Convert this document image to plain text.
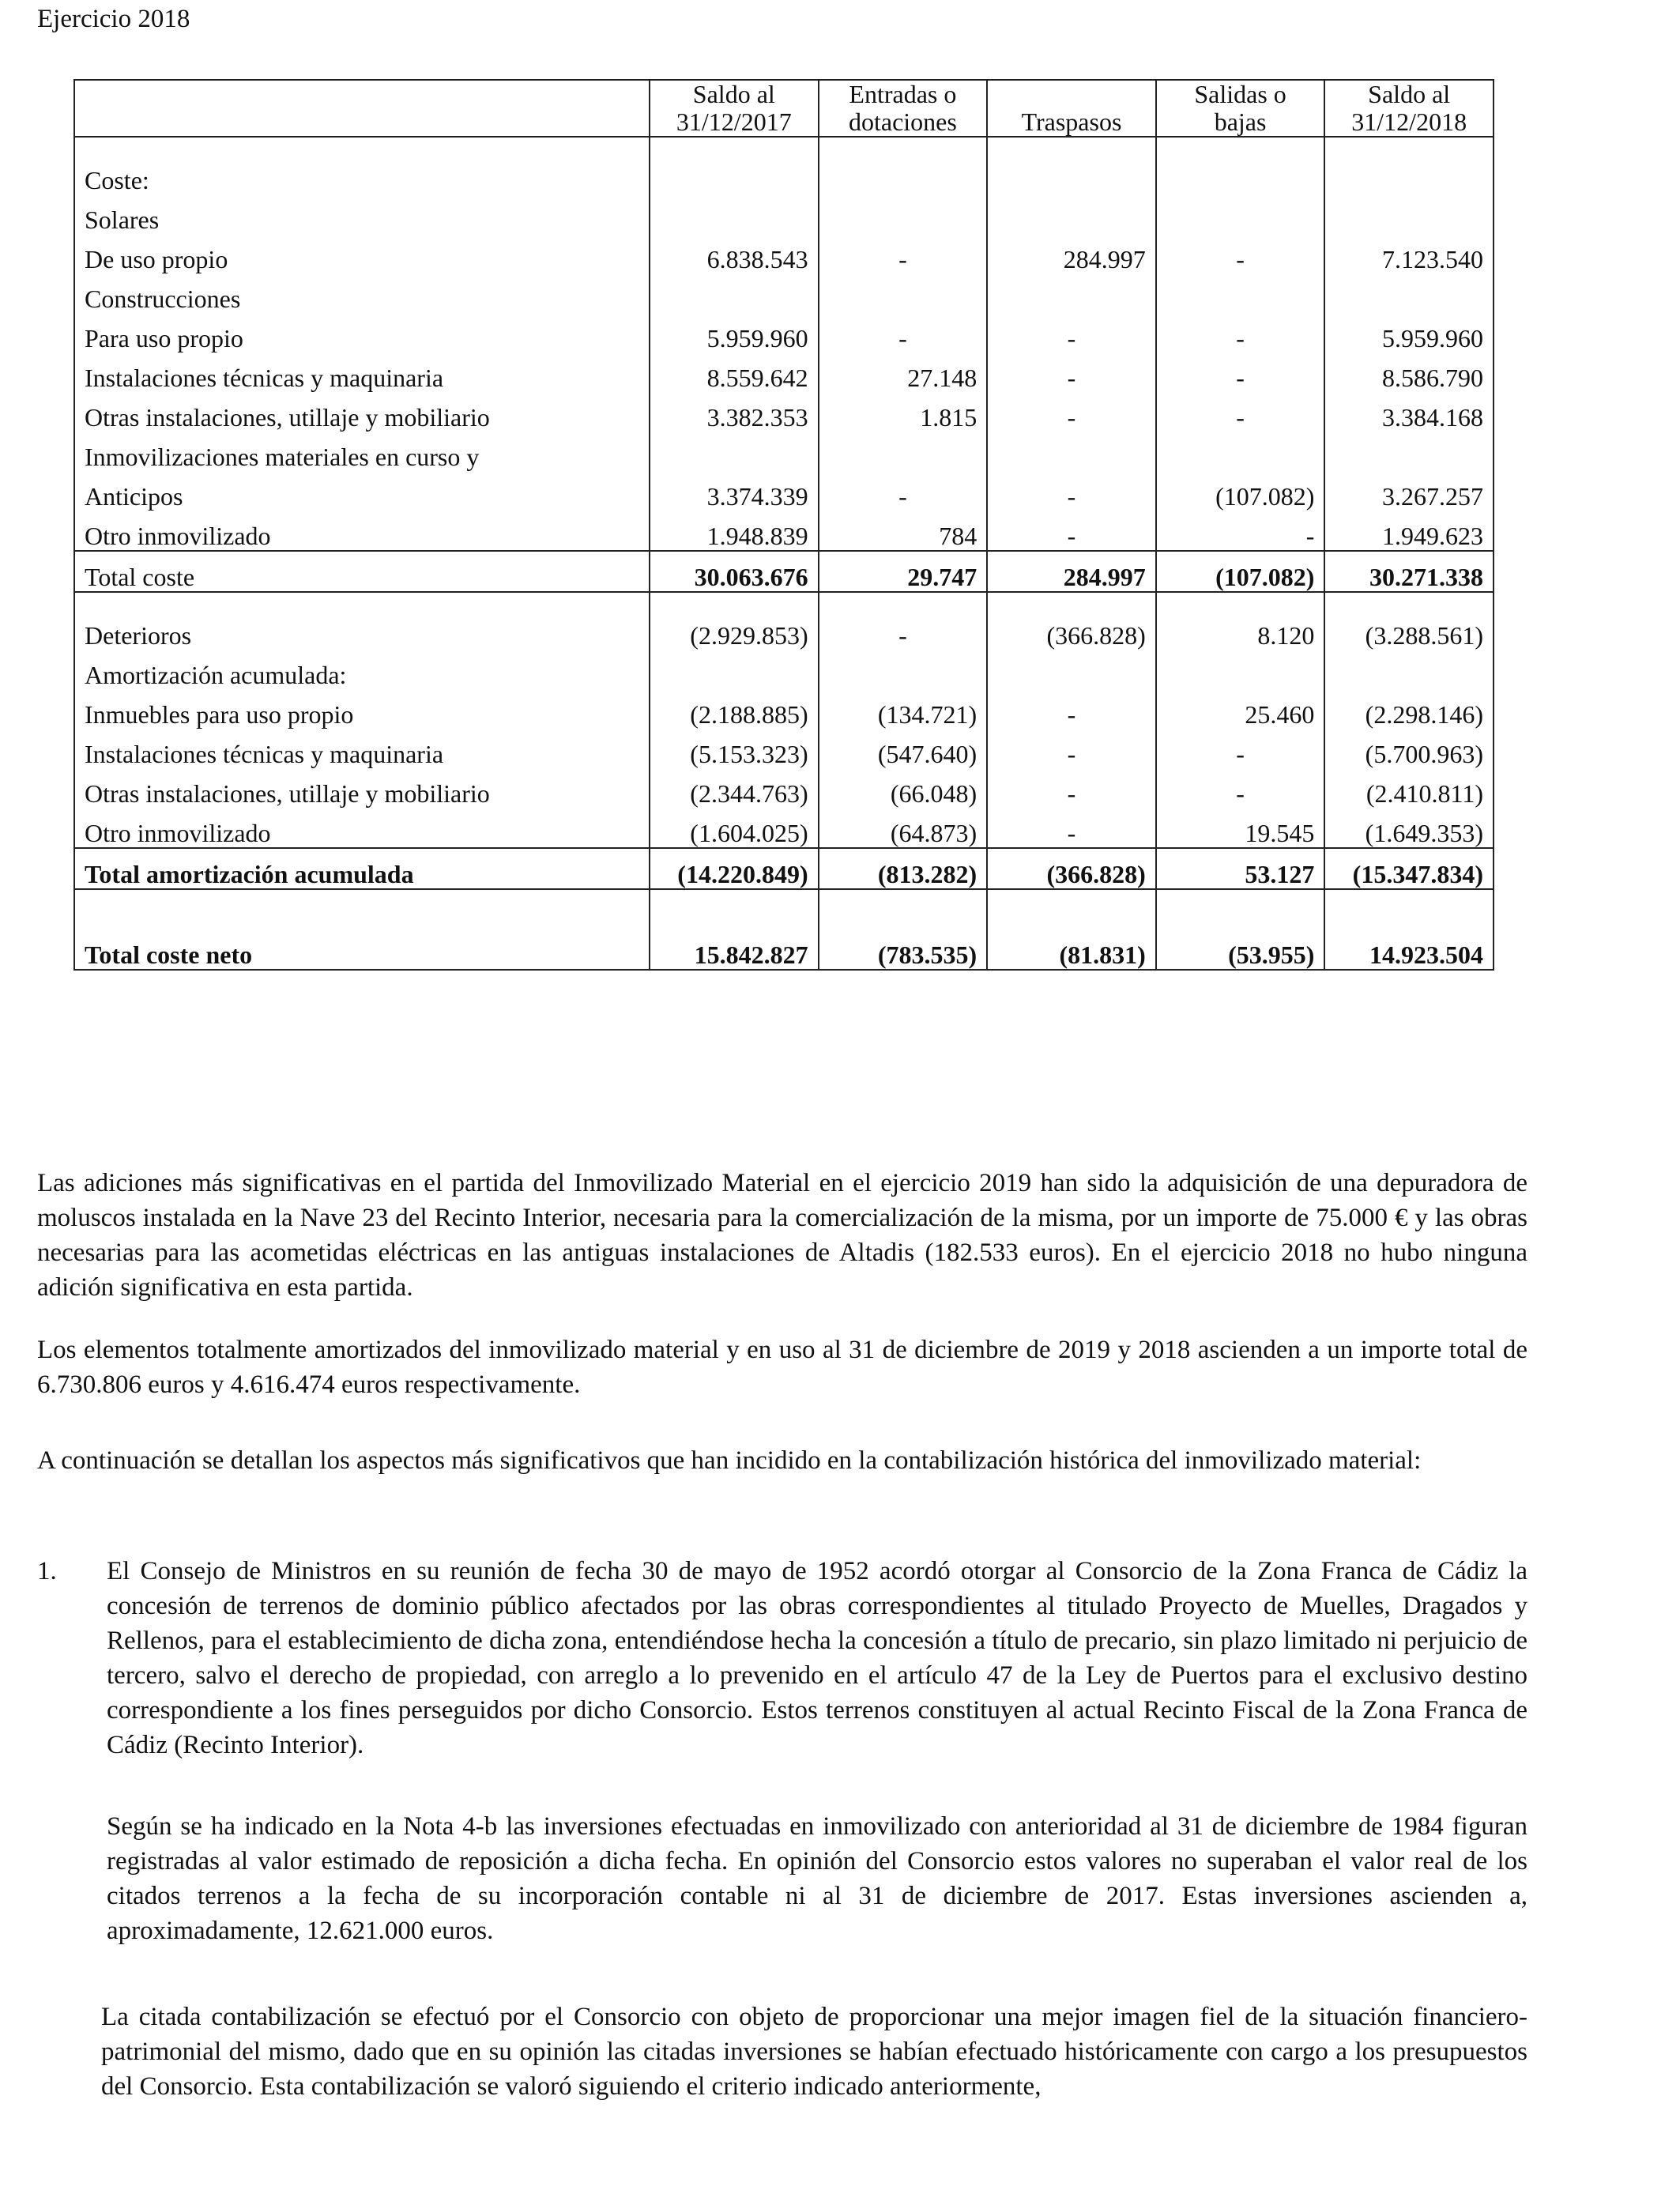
Ejercicio 2018
	Saldo al 31/12/2017	Entradas o dotaciones	Traspasos	Salidas o bajas	Saldo al 31/12/2018

Coste:					
Solares					
De uso propio	6.838.543	-	284.997	-	7.123.540
Construcciones					
Para uso propio	5.959.960	-	-	-	5.959.960
Instalaciones técnicas y maquinaria	8.559.642	27.148	-	-	8.586.790
Otras instalaciones, utillaje y mobiliario	3.382.353	1.815	-	-	3.384.168
Inmovilizaciones materiales en curso y					
Anticipos	3.374.339	-	-	(107.082)	3.267.257
Otro inmovilizado	1.948.839	784	-	-	1.949.623
Total coste	30.063.676	29.747	284.997	(107.082)	30.271.338

Deterioros	(2.929.853)	-	(366.828)	8.120	(3.288.561)
Amortización acumulada:					
Inmuebles para uso propio	(2.188.885)	(134.721)	-	25.460	(2.298.146)
Instalaciones técnicas y maquinaria	(5.153.323)	(547.640)	-	-	(5.700.963)
Otras instalaciones, utillaje y mobiliario	(2.344.763)	(66.048)	-	-	(2.410.811)
Otro inmovilizado	(1.604.025)	(64.873)	-	19.545	(1.649.353)
Total amortización acumulada	(14.220.849)	(813.282)	(366.828)	53.127	(15.347.834)

Total coste neto	15.842.827	(783.535)	(81.831)	(53.955)	14.923.504
Las adiciones más significativas en el partida del Inmovilizado Material en el ejercicio 2019 han sido la adquisición de una depuradora de moluscos instalada en la Nave 23 del Recinto Interior, necesaria para la comercialización de la misma, por un importe de 75.000 € y las obras necesarias para las acometidas eléctricas en las antiguas instalaciones de Altadis (182.533 euros). En el ejercicio 2018 no hubo ninguna adición significativa en esta partida.
Los elementos totalmente amortizados del inmovilizado material y en uso al 31 de diciembre de 2019 y 2018 ascienden a un importe total de 6.730.806 euros y 4.616.474 euros respectivamente.
A continuación se detallan los aspectos más significativos que han incidido en la contabilización histórica del inmovilizado material:
1. El Consejo de Ministros en su reunión de fecha 30 de mayo de 1952 acordó otorgar al Consorcio de la Zona Franca de Cádiz la concesión de terrenos de dominio público afectados por las obras correspondientes al titulado Proyecto de Muelles, Dragados y Rellenos, para el establecimiento de dicha zona, entendiéndose hecha la concesión a título de precario, sin plazo limitado ni perjuicio de tercero, salvo el derecho de propiedad, con arreglo a lo prevenido en el artículo 47 de la Ley de Puertos para el exclusivo destino correspondiente a los fines perseguidos por dicho Consorcio. Estos terrenos constituyen al actual Recinto Fiscal de la Zona Franca de Cádiz (Recinto Interior).
Según se ha indicado en la Nota 4-b las inversiones efectuadas en inmovilizado con anterioridad al 31 de diciembre de 1984 figuran registradas al valor estimado de reposición a dicha fecha. En opinión del Consorcio estos valores no superaban el valor real de los citados terrenos a la fecha de su incorporación contable ni al 31 de diciembre de 2017. Estas inversiones ascienden a, aproximadamente, 12.621.000 euros.
La citada contabilización se efectuó por el Consorcio con objeto de proporcionar una mejor imagen fiel de la situación financiero-patrimonial del mismo, dado que en su opinión las citadas inversiones se habían efectuado históricamente con cargo a los presupuestos del Consorcio. Esta contabilización se valoró siguiendo el criterio indicado anteriormente,
